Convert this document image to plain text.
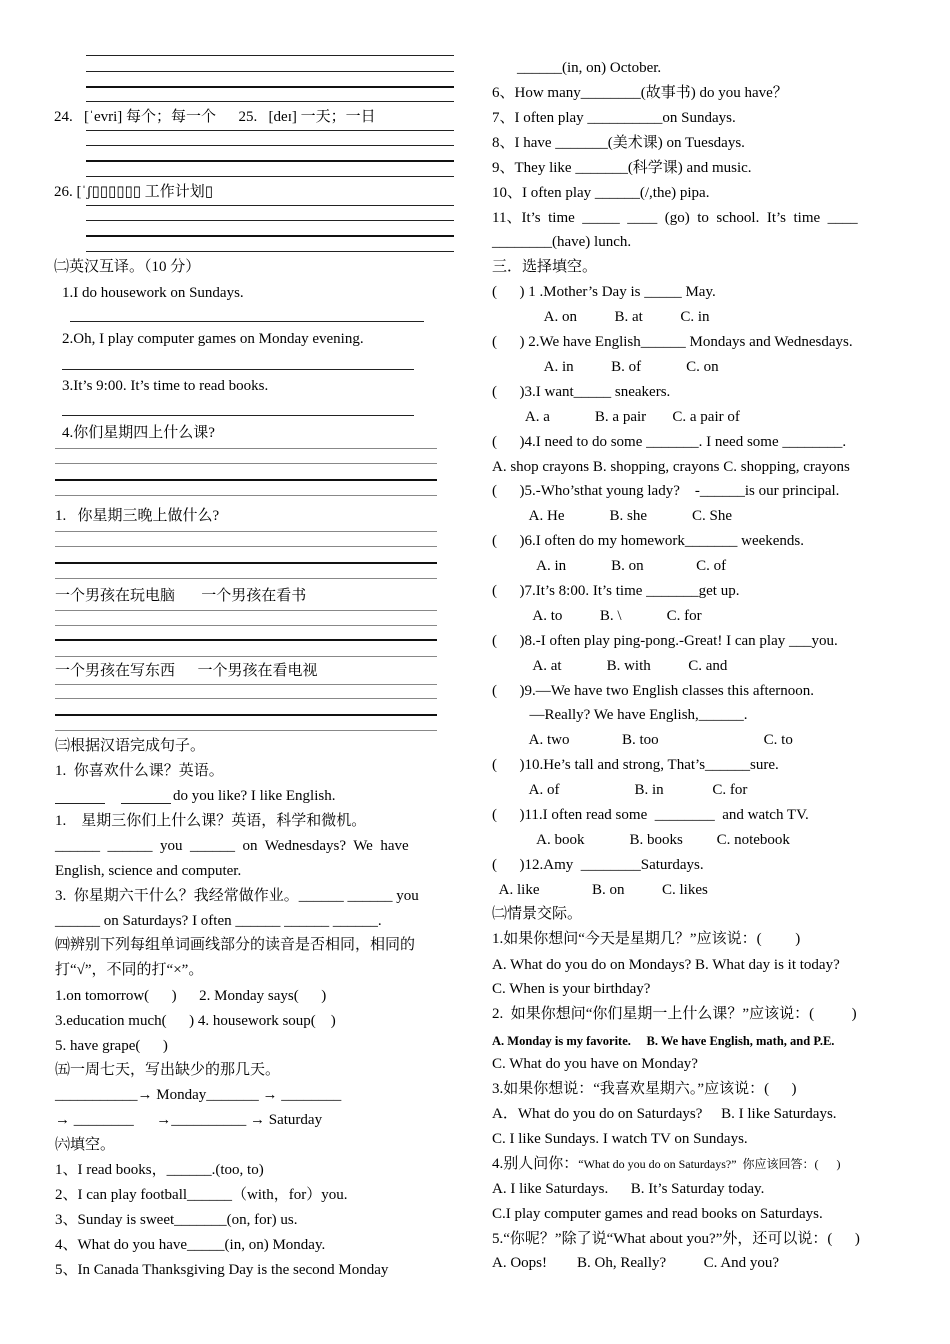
24.   [ˈevri] 每个；每一个      25.   [deɪ] 一天；一日
26. [ˈʃ▯▯▯▯▯▯ 工作计划▯
㈡英汉互译。（10 分）
1.I do housework on Sundays.
2.Oh, I play computer games on Monday evening.
3.It’s 9:00. It’s time to read books.
4.你们星期四上什么课?
1.   你星期三晚上做什么?
一个男孩在玩电脑       一个男孩在看书
一个男孩在写东西      一个男孩在看电视
㈢根据汉语完成句子。
1.  你喜欢什么课？英语。
do you like? I like English.
1.    星期三你们上什么课？英语，科学和微机。
______  ______  you  ______  on  Wednesdays?  We  have
English, science and computer.
3.  你星期六干什么？我经常做作业。______ ______ you
______ on Saturdays? I often ______ ______ ______.
㈣辨别下列每组单词画线部分的读音是否相同，相同的
打“√”，不同的打“×”。
1.on tomorrow(      )      2. Monday says(      )
3.education much(      ) 4. housework soup(    )
5. have grape(      )
㈤一周七天，写出缺少的那几天。
___________→ Monday_______ → ________
→ ________      →__________ → Saturday
㈥填空。
1、I read books，______.(too, to)
2、I can play football______（with，for）you.
3、Sunday is sweet_______(on, for) us.
4、What do you have_____(in, on) Monday.
5、In Canada Thanksgiving Day is the second Monday
______(in, on) October.
6、How many________(故事书) do you have？
7、I often play __________on Sundays.
8、I have _______(美术课) on Tuesdays.
9、They like _______(科学课) and music.
10、I often play ______(/,the) pipa.
11、It’s  time  _____  ____  (go)  to  school.  It’s  time  ____
________(have) lunch.
三．选择填空。
(      ) 1 .Mother’s Day is _____ May.
A. on          B. at          C. in
(      ) 2.We have English______ Mondays and Wednesdays.
A. in          B. of            C. on
(      )3.I want_____ sneakers.
A. a            B. a pair       C. a pair of
(      )4.I need to do some _______. I need some ________.
A. shop crayons B. shopping, crayons C. shopping, crayons
(      )5.-Who’sthat young lady?    -______is our principal.
A. He            B. she            C. She
(      )6.I often do my homework_______ weekends.
A. in            B. on              C. of
(      )7.It’s 8:00. It’s time _______get up.
A. to          B. \            C. for
(      )8.-I often play ping-pong.-Great! I can play ___you.
A. at            B. with          C. and
(      )9.—We have two English classes this afternoon.
—Really? We have English,______.
A. two              B. too                            C. to
(      )10.He’s tall and strong, That’s______sure.
A. of                    B. in             C. for
(      )11.I often read some  ________  and watch TV.
A. book            B. books         C. notebook
(      )12.Amy  ________Saturdays.
A. like              B. on          C. likes
㈡情景交际。
1.如果你想问“今天是星期几？”应该说：(         )
A. What do you do on Mondays? B. What day is it today?
C. When is your birthday?
2.  如果你想问“你们星期一上什么课？”应该说：(          )
A. Monday is my favorite.     B. We have English, math, and P.E.
C. What do you have on Monday?
3.如果你想说：“我喜欢星期六。”应该说：(      )
A．What do you do on Saturdays?     B. I like Saturdays.
C. I like Sundays. I watch TV on Sundays.
4.别人问你：“What do you do on Saturdays?”  你应该回答：(      )
A. I like Saturdays.      B. It’s Saturday today.
C.I play computer games and read books on Saturdays.
5.“你呢？”除了说“What about you?”外，还可以说：(      )
A. Oops!        B. Oh, Really?          C. And you?
